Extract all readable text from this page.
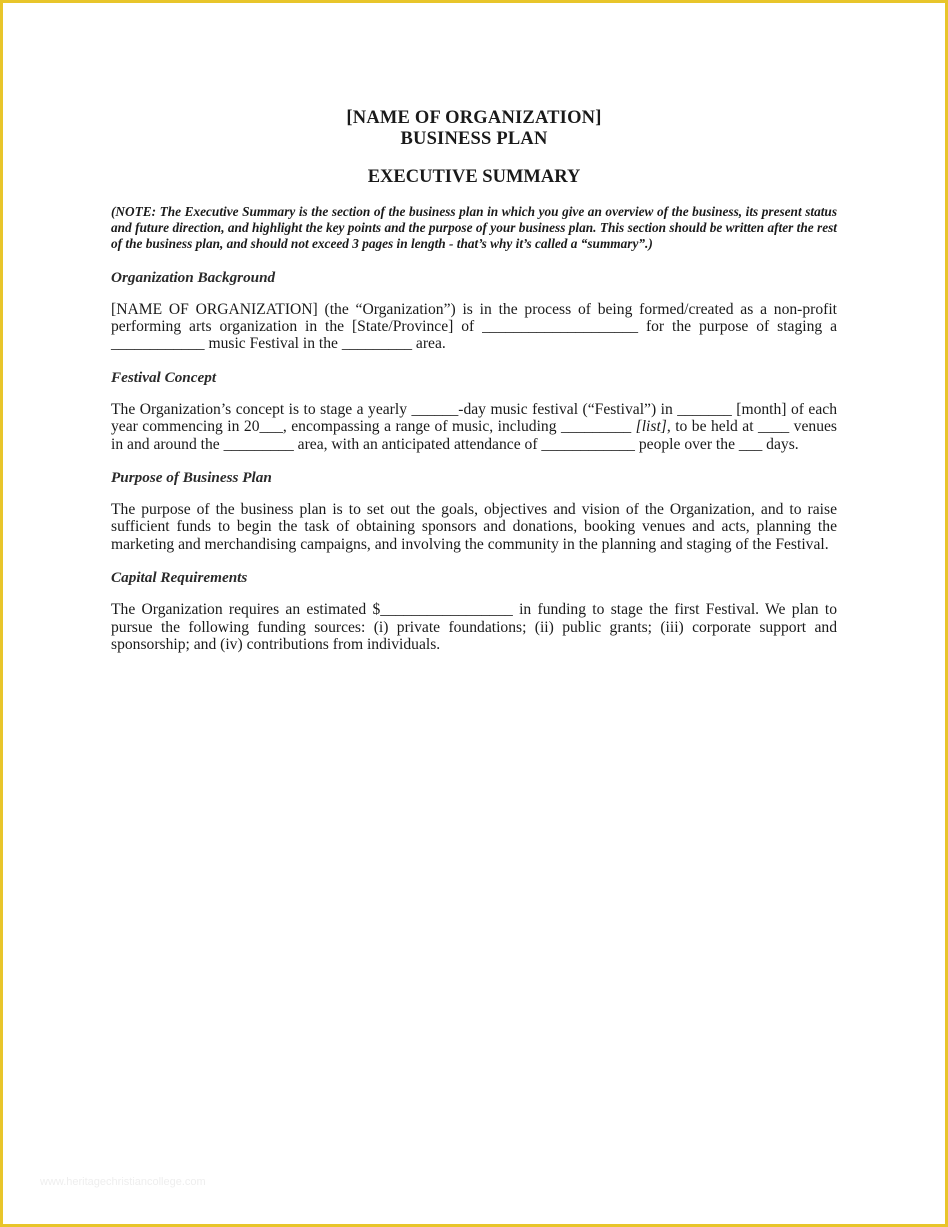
[NAME OF ORGANIZATION]
BUSINESS PLAN
EXECUTIVE SUMMARY
(NOTE: The Executive Summary is the section of the business plan in which you give an overview of the business, its present status and future direction, and highlight the key points and the purpose of your business plan. This section should be written after the rest of the business plan, and should not exceed 3 pages in length - that’s why it’s called a “summary”.)
Organization Background
[NAME OF ORGANIZATION] (the “Organization”) is in the process of being formed/created as a non-profit performing arts organization in the [State/Province] of ____________________ for the purpose of staging a ____________ music Festival in the _________ area.
Festival Concept
The Organization’s concept is to stage a yearly ______-day music festival (“Festival”) in _______ [month] of each year commencing in 20___, encompassing a range of music, including _________ [list], to be held at ____ venues in and around the _________ area, with an anticipated attendance of ____________ people over the ___ days.
Purpose of Business Plan
The purpose of the business plan is to set out the goals, objectives and vision of the Organization, and to raise sufficient funds to begin the task of obtaining sponsors and donations, booking venues and acts, planning the marketing and merchandising campaigns, and involving the community in the planning and staging of the Festival.
Capital Requirements
The Organization requires an estimated $_________________ in funding to stage the first Festival. We plan to pursue the following funding sources: (i) private foundations; (ii) public grants; (iii) corporate support and sponsorship; and (iv) contributions from individuals.
www.heritagechristiancollege.com
